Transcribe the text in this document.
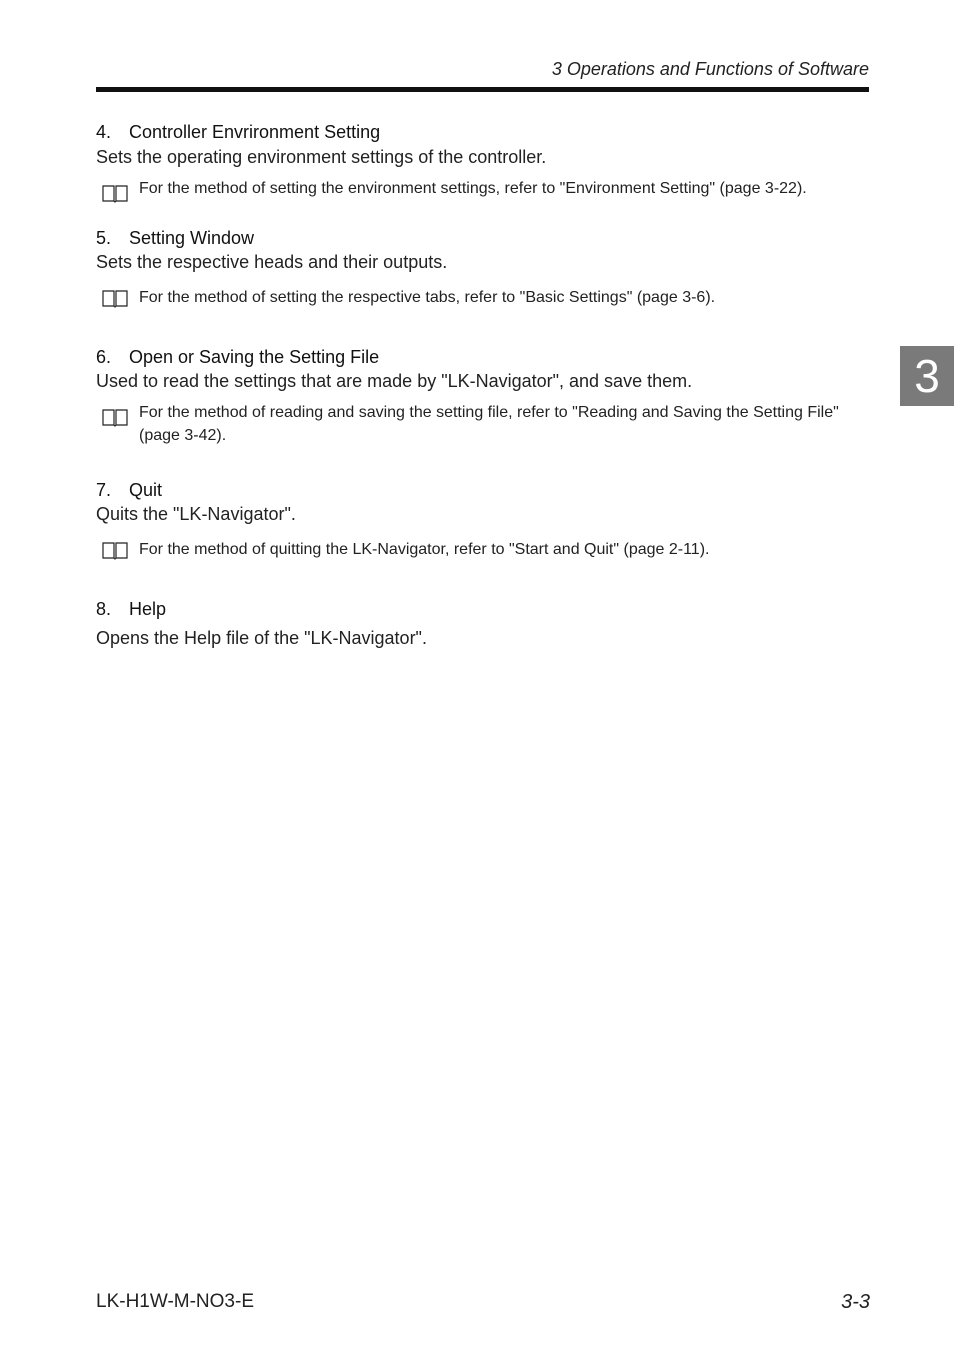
3 Operations and Functions of Software
4. Controller Envrironment Setting
Sets the operating environment settings of the controller.
For the method of setting the environment settings, refer to "Environment Setting" (page 3-22).
5. Setting Window
Sets the respective heads and their outputs.
For the method of setting the respective tabs, refer to "Basic Settings" (page 3-6).
6. Open or Saving the Setting File
Used to read the settings that are made by "LK-Navigator", and save them.
For the method of reading and saving the setting file, refer to "Reading and Saving the Setting File" (page 3-42).
7. Quit
Quits the "LK-Navigator".
For the method of quitting the LK-Navigator, refer to "Start and Quit" (page 2-11).
8. Help
Opens the Help file of the "LK-Navigator".
3
LK-H1W-M-NO3-E	3-3
